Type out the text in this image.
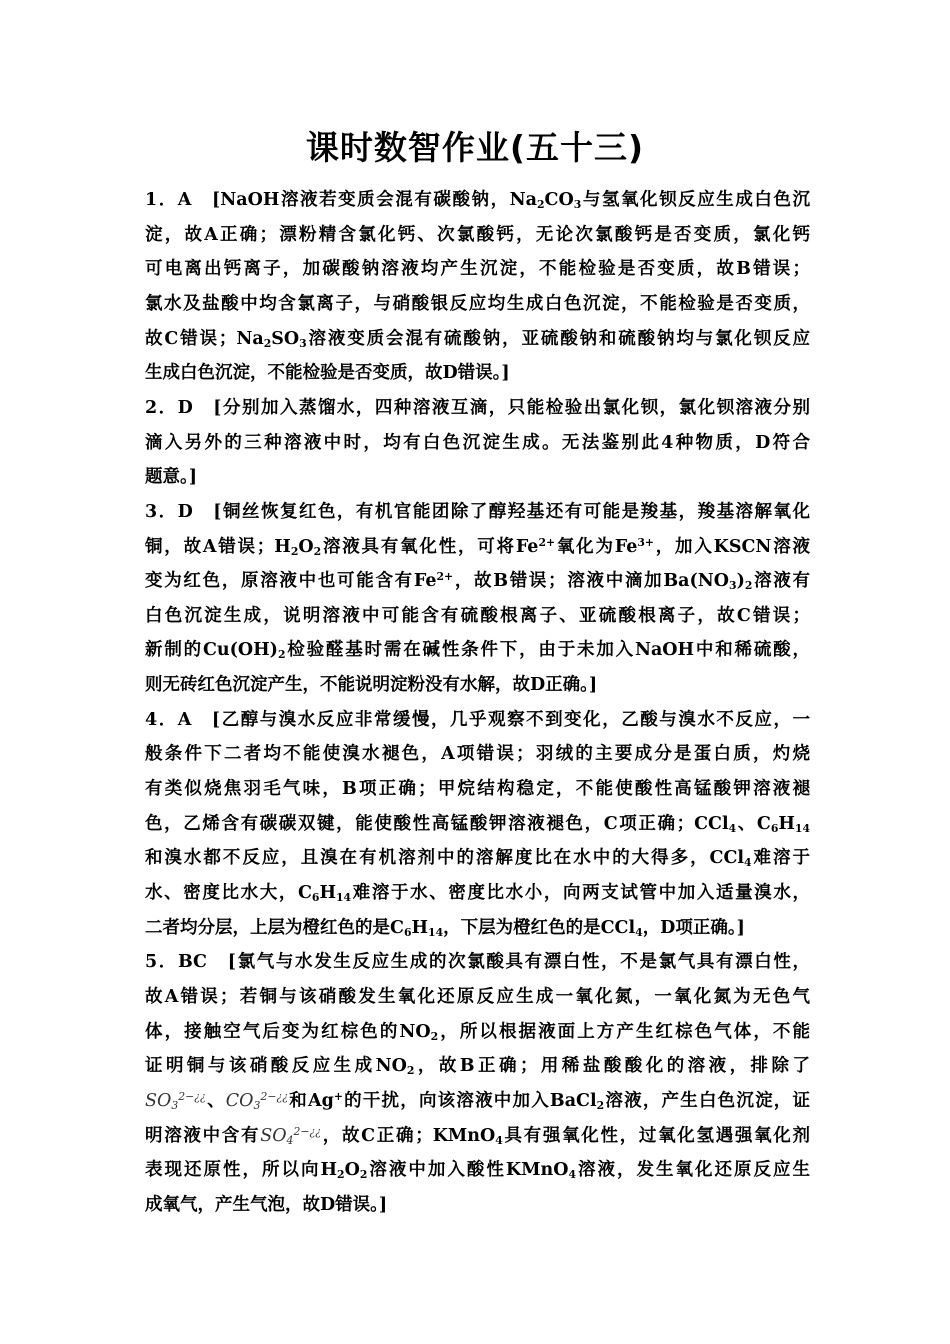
课时数智作业(五十三)
1．A　[NaOH溶液若变质会混有碳酸钠，$Na_2CO_3$与氢氧化钡反应生成白色沉
淀，故A正确；漂粉精含氯化钙、次氯酸钙，无论次氯酸钙是否变质，氯化钙
可电离出钙离子，加碳酸钠溶液均产生沉淀，不能检验是否变质，故B错误；
氯水及盐酸中均含氯离子，与硝酸银反应均生成白色沉淀，不能检验是否变质，
故C错误；$Na_2SO_3$溶液变质会混有硫酸钠，亚硫酸钠和硫酸钠均与氯化钡反应
生成白色沉淀，不能检验是否变质，故D错误。]
2．D　[分别加入蒸馏水，四种溶液互滴，只能检验出氯化钡，氯化钡溶液分别
滴入另外的三种溶液中时，均有白色沉淀生成。无法鉴别此4种物质，D符合
题意。]
3．D　[铜丝恢复红色，有机官能团除了醇羟基还有可能是羧基，羧基溶解氧化
铜，故A错误；$H_2O_2$溶液具有氧化性，可将$Fe^{2+}$氧化为$Fe^{3+}$，加入KSCN溶液
变为红色，原溶液中也可能含有$Fe^{2+}$，故B错误；溶液中滴加$Ba(NO_3)_2$溶液有
白色沉淀生成，说明溶液中可能含有硫酸根离子、亚硫酸根离子，故C错误；
新制的$Cu(OH)_2$检验醛基时需在碱性条件下，由于未加入NaOH中和稀硫酸，
则无砖红色沉淀产生，不能说明淀粉没有水解，故D正确。]
4．A　[乙醇与溴水反应非常缓慢，几乎观察不到变化，乙酸与溴水不反应，一
般条件下二者均不能使溴水褪色，A项错误；羽绒的主要成分是蛋白质，灼烧
有类似烧焦羽毛气味，B项正确；甲烷结构稳定，不能使酸性高锰酸钾溶液褪
色，乙烯含有碳碳双键，能使酸性高锰酸钾溶液褪色，C项正确；CCl$_4$、$C_6H_{14}$
和溴水都不反应，且溴在有机溶剂中的溶解度比在水中的大得多，CCl$_4$难溶于
水、密度比水大，$C_6H_{14}$难溶于水、密度比水小，向两支试管中加入适量溴水，
二者均分层，上层为橙红色的是$C_6H_{14}$，下层为橙红色的是CCl$_4$，D项正确。]
5．BC　[氯气与水发生反应生成的次氯酸具有漂白性，不是氯气具有漂白性，
故A错误；若铜与该硝酸发生氧化还原反应生成一氧化氮，一氧化氮为无色气
体，接触空气后变为红棕色的$NO_2$，所以根据液面上方产生红棕色气体，不能
证明铜与该硝酸反应生成$NO_2$，故B正确；用稀盐酸酸化的溶液，排除了
$SO_3^{2-¿¿}$、$CO_3^{2-¿¿}$和Ag+的干扰，向该溶液中加入BaCl$_2$溶液，产生白色沉淀，证
明溶液中含有$SO_4^{2-¿¿}$，故C正确；KMnO$_4$具有强氧化性，过氧化氢遇强氧化剂
表现还原性，所以向$H_2O_2$溶液中加入酸性KMnO$_4$溶液，发生氧化还原反应生
成氧气，产生气泡，故D错误。]
